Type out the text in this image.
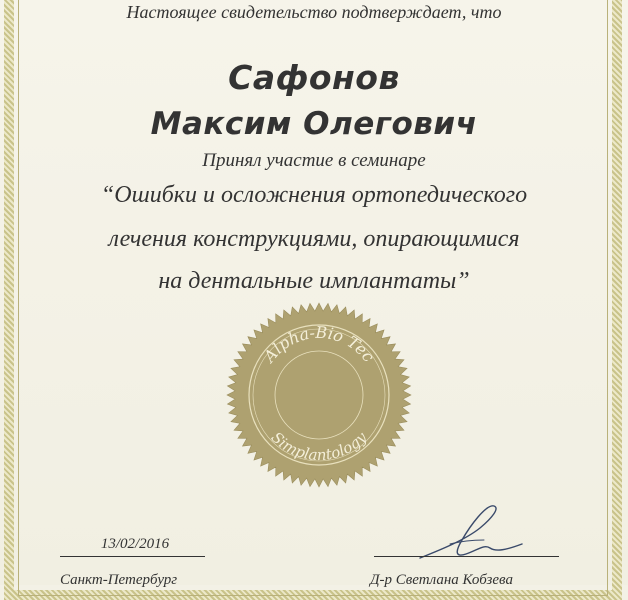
Настоящее свидетельство подтверждает, что
Сафонов
Максим Олегович
Принял участие в семинаре
“Ошибки и осложнения ортопедического
лечения конструкциями, опирающимися
на дентальные имплантаты”
Alpha-Bio Tec
Simplantology
13/02/2016
Санкт-Петербург	Д-р Светлана Кобзева
